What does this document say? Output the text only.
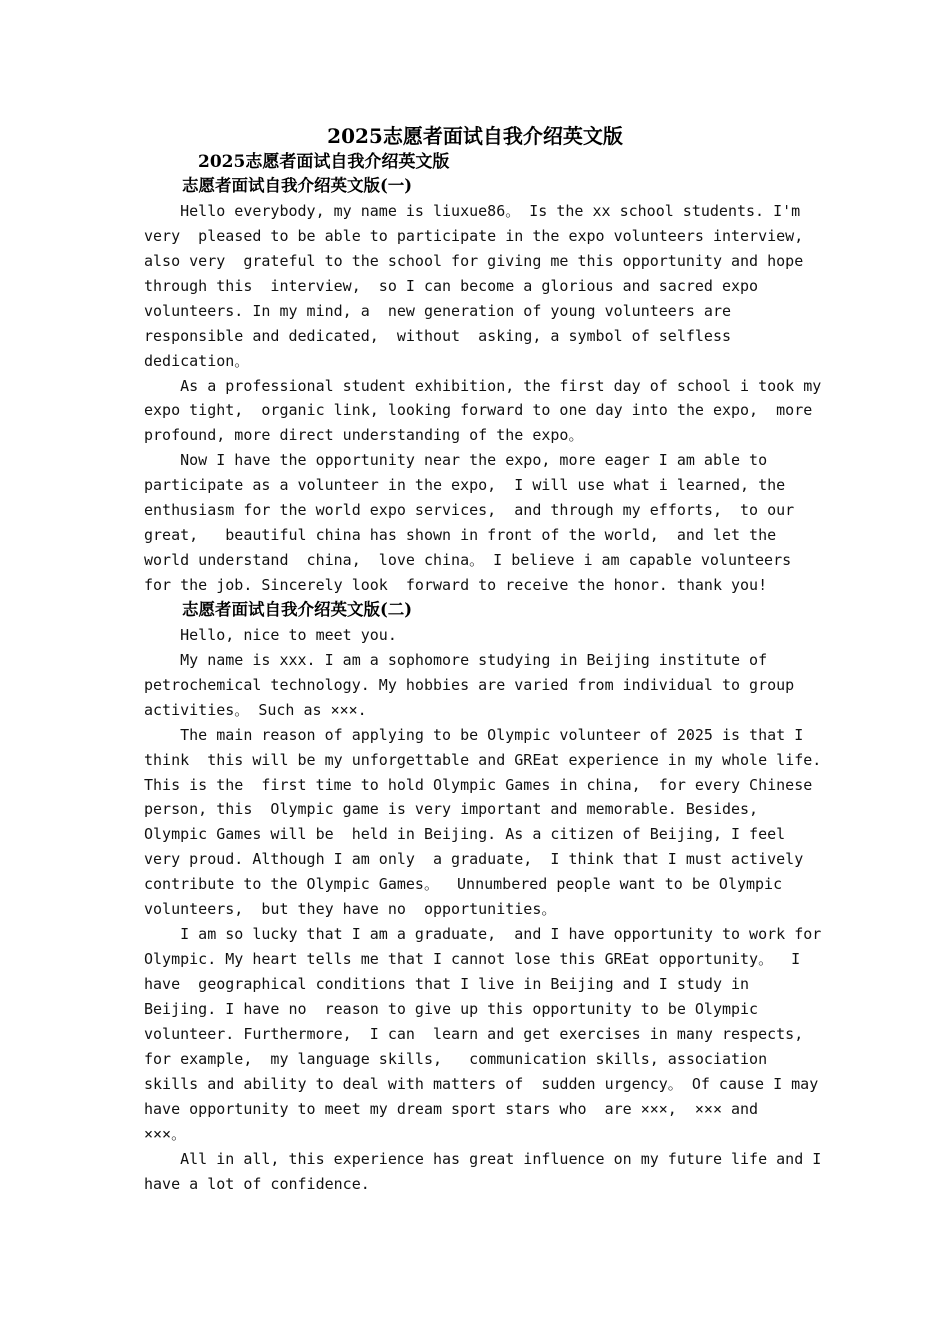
2025志愿者面试自我介绍英文版
2025志愿者面试自我介绍英文版
志愿者面试自我介绍英文版(一)
Hello everybody, my name is liuxue86。 Is the xx school students. I'm
very  pleased to be able to participate in the expo volunteers interview,
also very  grateful to the school for giving me this opportunity and hope
through this  interview,  so I can become a glorious and sacred expo
volunteers. In my mind, a  new generation of young volunteers are
responsible and dedicated,  without  asking, a symbol of selfless
dedication。
As a professional student exhibition, the first day of school i took my
expo tight,  organic link, looking forward to one day into the expo,  more
profound, more direct understanding of the expo。
Now I have the opportunity near the expo, more eager I am able to
participate as a volunteer in the expo,  I will use what i learned, the
enthusiasm for the world expo services,  and through my efforts,  to our
great,   beautiful china has shown in front of the world,  and let the
world understand  china,  love china。 I believe i am capable volunteers
for the job. Sincerely look  forward to receive the honor. thank you!
志愿者面试自我介绍英文版(二)
Hello, nice to meet you.
My name is xxx. I am a sophomore studying in Beijing institute of
petrochemical technology. My hobbies are varied from individual to group
activities。 Such as ×××.
The main reason of applying to be Olympic volunteer of 2025 is that I
think  this will be my unforgettable and GREat experience in my whole life.
This is the  first time to hold Olympic Games in china,  for every Chinese
person, this  Olympic game is very important and memorable. Besides,
Olympic Games will be  held in Beijing. As a citizen of Beijing, I feel
very proud. Although I am only  a graduate,  I think that I must actively
contribute to the Olympic Games。  Unnumbered people want to be Olympic
volunteers,  but they have no  opportunities。
I am so lucky that I am a graduate,  and I have opportunity to work for
Olympic. My heart tells me that I cannot lose this GREat opportunity。  I
have  geographical conditions that I live in Beijing and I study in
Beijing. I have no  reason to give up this opportunity to be Olympic
volunteer. Furthermore,  I can  learn and get exercises in many respects,
for example,  my language skills,   communication skills, association
skills and ability to deal with matters of  sudden urgency。 Of cause I may
have opportunity to meet my dream sport stars who  are ×××,  ××× and
×××。
All in all, this experience has great influence on my future life and I
have a lot of confidence.
